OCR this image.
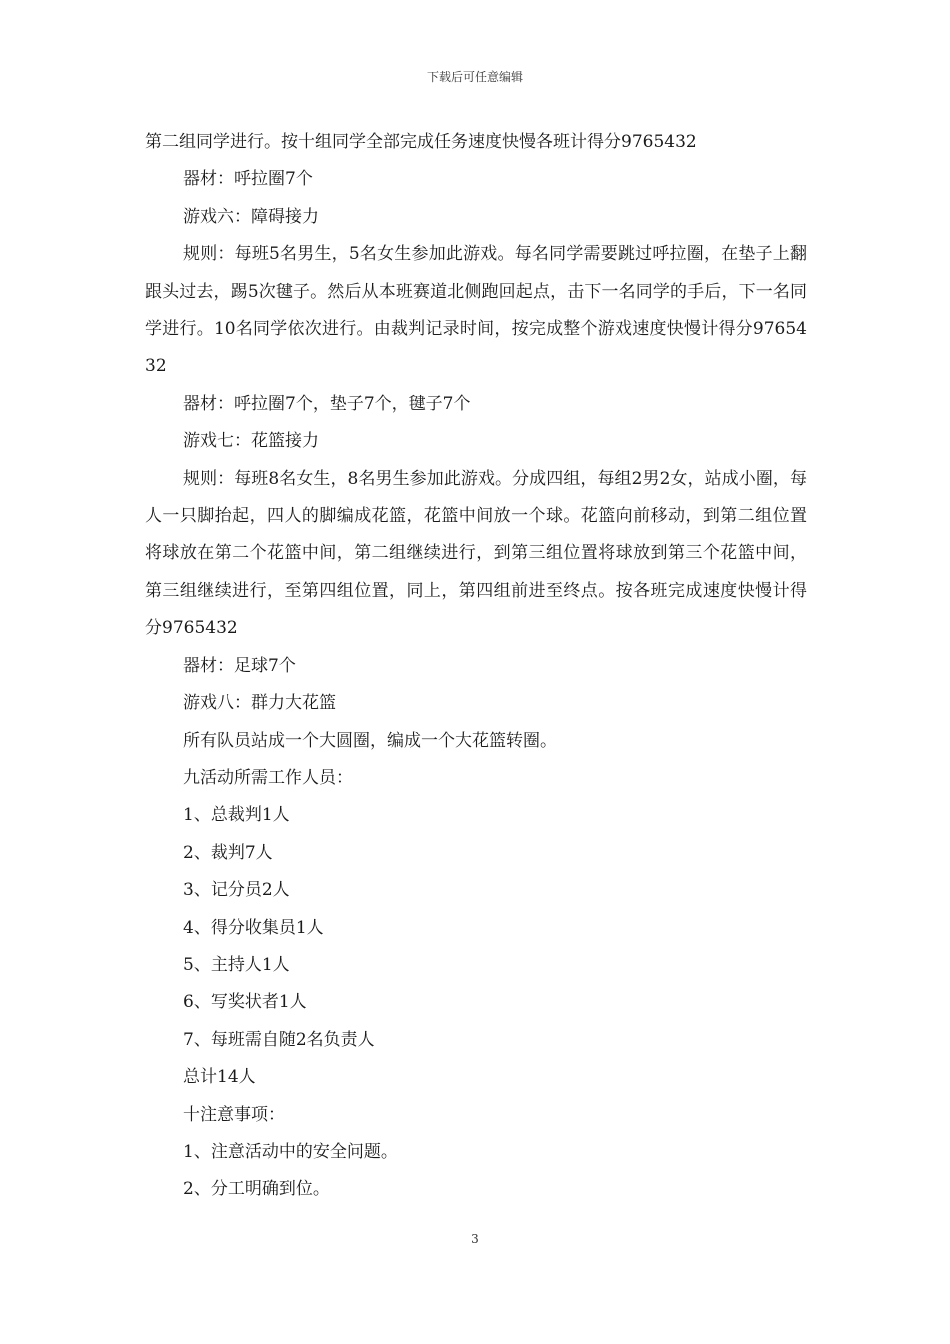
下载后可任意编辑

第二组同学进行。按十组同学全部完成任务速度快慢各班计得分9765432

器材：呼拉圈7个

游戏六：障碍接力

规则：每班5名男生，5名女生参加此游戏。每名同学需要跳过呼拉圈，在垫子上翻跟头过去，踢5次毽子。然后从本班赛道北侧跑回起点，击下一名同学的手后，下一名同学进行。10名同学依次进行。由裁判记录时间，按完成整个游戏速度快慢计得分9765432

器材：呼拉圈7个，垫子7个，毽子7个

游戏七：花篮接力

规则：每班8名女生，8名男生参加此游戏。分成四组，每组2男2女，站成小圈，每人一只脚抬起，四人的脚编成花篮，花篮中间放一个球。花篮向前移动，到第二组位置将球放在第二个花篮中间，第二组继续进行，到第三组位置将球放到第三个花篮中间，第三组继续进行，至第四组位置，同上，第四组前进至终点。按各班完成速度快慢计得分9765432

器材：足球7个

游戏八：群力大花篮

所有队员站成一个大圆圈，编成一个大花篮转圈。

九活动所需工作人员：

1、总裁判1人

2、裁判7人

3、记分员2人

4、得分收集员1人

5、主持人1人

6、写奖状者1人

7、每班需自随2名负责人

总计14人

十注意事项：

1、注意活动中的安全问题。

2、分工明确到位。

3
